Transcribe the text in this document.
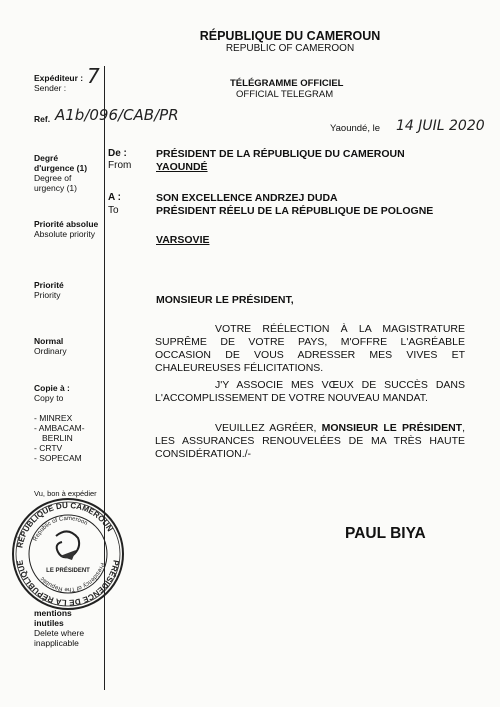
RÉPUBLIQUE DU CAMEROUN
REPUBLIC OF CAMEROON
Expéditeur :
Sender :	7
Ref. A1b/096/CAB/PR
Degré d'urgence (1)
Degree of urgency (1)
Priorité absolue
Absolute priority
Priorité
Priority
Normal
Ordinary
Copie à :
Copy to
- MINREX
- AMBACAM-
BERLIN
- CRTV
- SOPECAM
Vu, bon à expédier
mentions inutiles
Delete where inapplicable
RÉPUBLIQUE DU CAMEROUN
PRÉSIDENCE DE LA RÉPUBLIQUE
Republic of Cameroon
Presidency of The Republic
LE PRÉSIDENT
TÉLÉGRAMME OFFICIEL
OFFICIAL TELEGRAM
Yaoundé, le 14 JUIL 2020
De :
From
PRÉSIDENT DE LA RÉPUBLIQUE DU CAMEROUN
YAOUNDÉ
A :
To
SON EXCELLENCE ANDRZEJ DUDA
PRÉSIDENT RÉELU DE LA RÉPUBLIQUE DE POLOGNE
VARSOVIE
MONSIEUR LE PRÉSIDENT,
VOTRE RÉÉLECTION À LA MAGISTRATURE SUPRÊME DE VOTRE PAYS, M'OFFRE L'AGRÉABLE OCCASION DE VOUS ADRESSER MES VIVES ET CHALEUREUSES FÉLICITATIONS.
J'Y ASSOCIE MES VŒUX DE SUCCÈS DANS L'ACCOMPLISSEMENT DE VOTRE NOUVEAU MANDAT.
VEUILLEZ AGRÉER, MONSIEUR LE PRÉSIDENT, LES ASSURANCES RENOUVELÉES DE MA TRÈS HAUTE CONSIDÉRATION./-
PAUL BIYA
